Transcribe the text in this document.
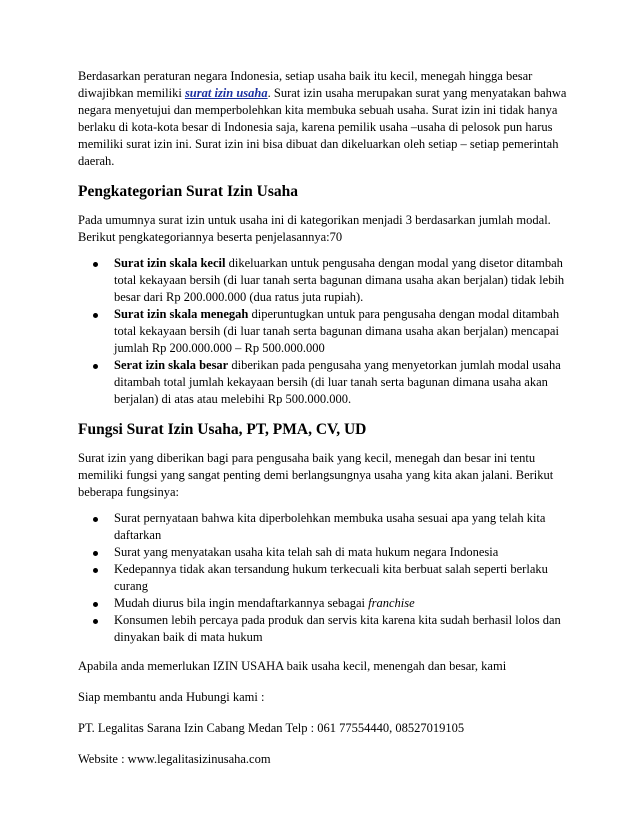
Berdasarkan peraturan negara Indonesia, setiap usaha baik itu kecil, menegah hingga besar diwajibkan memiliki surat izin usaha. Surat izin usaha merupakan surat yang menyatakan bahwa negara menyetujui dan memperbolehkan kita membuka sebuah usaha. Surat izin ini tidak hanya berlaku di kota-kota besar di Indonesia saja, karena pemilik usaha –usaha di pelosok pun harus memiliki surat izin ini. Surat izin ini bisa dibuat dan dikeluarkan oleh setiap – setiap pemerintah daerah.

Pengkategorian Surat Izin Usaha

Pada umumnya surat izin untuk usaha ini di kategorikan menjadi 3 berdasarkan jumlah modal. Berikut pengkategoriannya beserta penjelasannya:70

Surat izin skala kecil dikeluarkan untuk pengusaha dengan modal yang disetor ditambah total kekayaan bersih (di luar tanah serta bagunan dimana usaha akan berjalan) tidak lebih besar dari Rp 200.000.000 (dua ratus juta rupiah).
Surat izin skala menegah diperuntugkan untuk para pengusaha dengan modal ditambah total kekayaan bersih (di luar tanah serta bagunan dimana usaha akan berjalan) mencapai jumlah Rp 200.000.000 – Rp 500.000.000
Serat izin skala besar diberikan pada pengusaha yang menyetorkan jumlah modal usaha ditambah total jumlah kekayaan bersih (di luar tanah serta bagunan dimana usaha akan berjalan) di atas atau melebihi Rp 500.000.000.
Fungsi Surat Izin Usaha, PT, PMA, CV, UD

Surat izin yang diberikan bagi para pengusaha baik yang kecil, menegah dan besar ini tentu memiliki fungsi yang sangat penting demi berlangsungnya usaha yang kita akan jalani. Berikut beberapa fungsinya:

Surat pernyataan bahwa kita diperbolehkan membuka usaha sesuai apa yang telah kita daftarkan
Surat yang menyatakan usaha kita telah sah di mata hukum negara Indonesia
Kedepannya tidak akan tersandung hukum terkecuali kita berbuat salah seperti berlaku curang
Mudah diurus bila ingin mendaftarkannya sebagai franchise
Konsumen lebih percaya pada produk dan servis kita karena kita sudah berhasil lolos dan dinyakan baik di mata hukum

Apabila anda memerlukan IZIN USAHA baik usaha kecil, menengah dan besar, kami

Siap membantu anda Hubungi kami :

PT. Legalitas Sarana Izin Cabang Medan Telp : 061 77554440, 08527019105

Website : www.legalitasizinusaha.com
